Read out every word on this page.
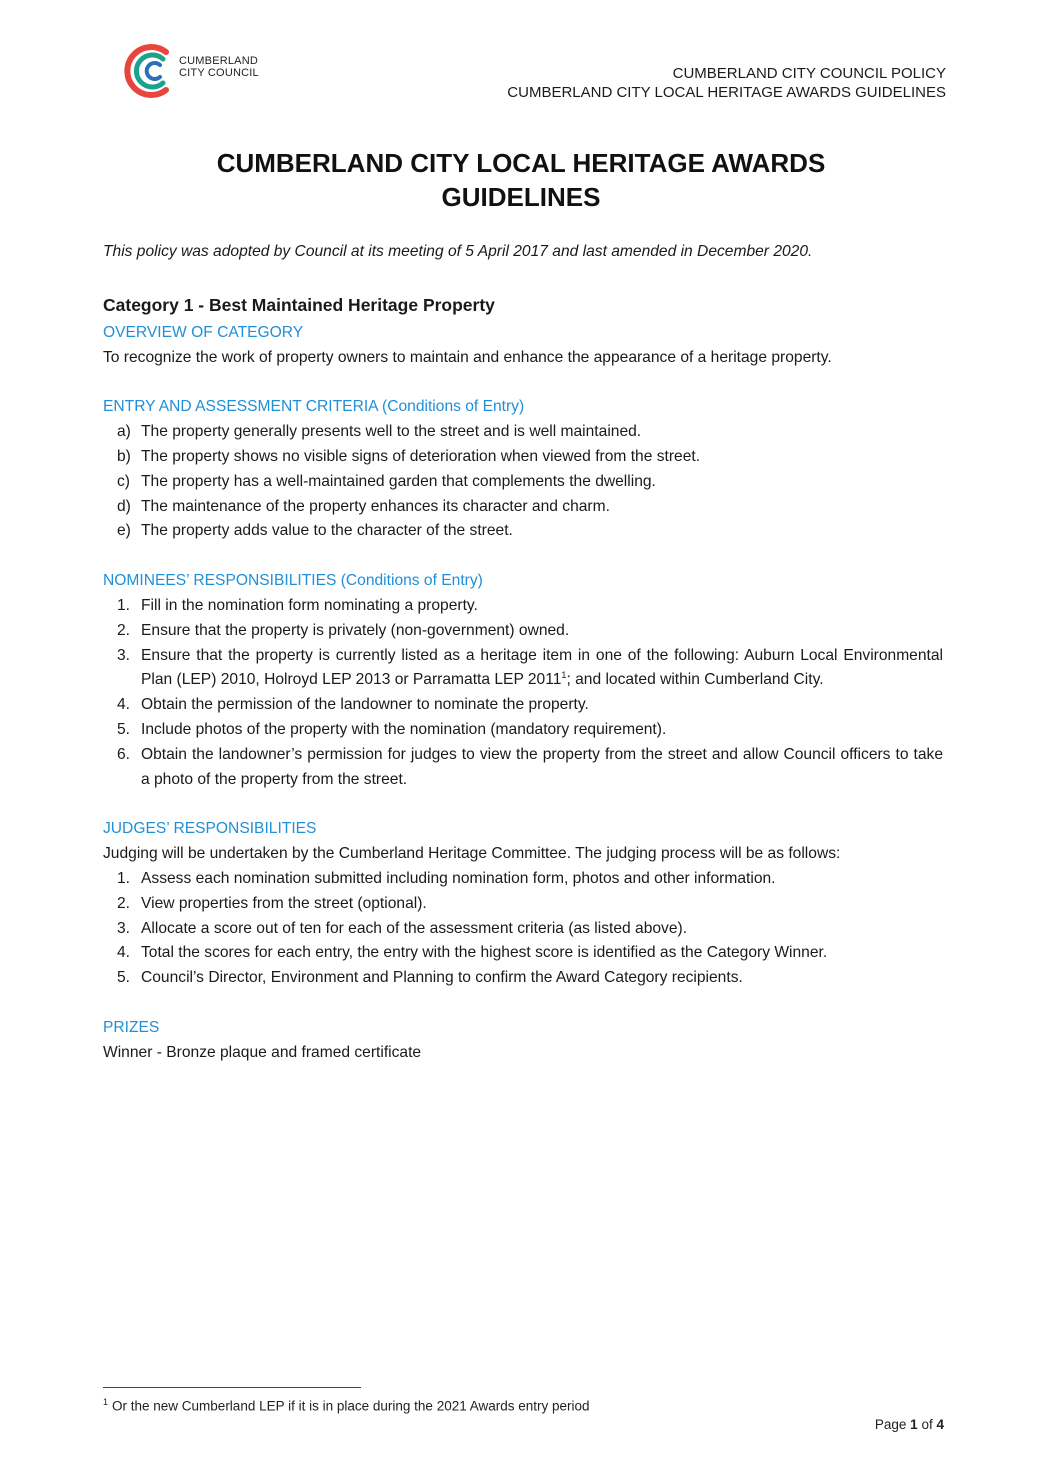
CUMBERLAND
CITY COUNCIL	CUMBERLAND CITY COUNCIL POLICY
CUMBERLAND CITY LOCAL HERITAGE AWARDS GUIDELINES
CUMBERLAND CITY LOCAL HERITAGE AWARDS
GUIDELINES

This policy was adopted by Council at its meeting of 5 April 2017 and last amended in December 2020.

Category 1 - Best Maintained Heritage Property
OVERVIEW OF CATEGORY

To recognize the work of property owners to maintain and enhance the appearance of a heritage property.

ENTRY AND ASSESSMENT CRITERIA (Conditions of Entry)
a) The property generally presents well to the street and is well maintained.
b) The property shows no visible signs of deterioration when viewed from the street.
c) The property has a well-maintained garden that complements the dwelling.
d) The maintenance of the property enhances its character and charm.
e) The property adds value to the character of the street.
NOMINEES’ RESPONSIBILITIES (Conditions of Entry)
1. Fill in the nomination form nominating a property.
2. Ensure that the property is privately (non-government) owned.
3. Ensure that the property is currently listed as a heritage item in one of the following: Auburn Local Environmental Plan (LEP) 2010, Holroyd LEP 2013 or Parramatta LEP 2011$^1$; and located within Cumberland City.
4. Obtain the permission of the landowner to nominate the property.
5. Include photos of the property with the nomination (mandatory requirement).
6. Obtain the landowner’s permission for judges to view the property from the street and allow Council officers to take a photo of the property from the street.
JUDGES’ RESPONSIBILITIES

Judging will be undertaken by the Cumberland Heritage Committee. The judging process will be as follows:

1. Assess each nomination submitted including nomination form, photos and other information.
2. View properties from the street (optional).
3. Allocate a score out of ten for each of the assessment criteria (as listed above).
4. Total the scores for each entry, the entry with the highest score is identified as the Category Winner.
5. Council’s Director, Environment and Planning to confirm the Award Category recipients.
PRIZES

Winner - Bronze plaque and framed certificate

$^1$ Or the new Cumberland LEP if it is in place during the 2021 Awards entry period
Page 1 of 4
